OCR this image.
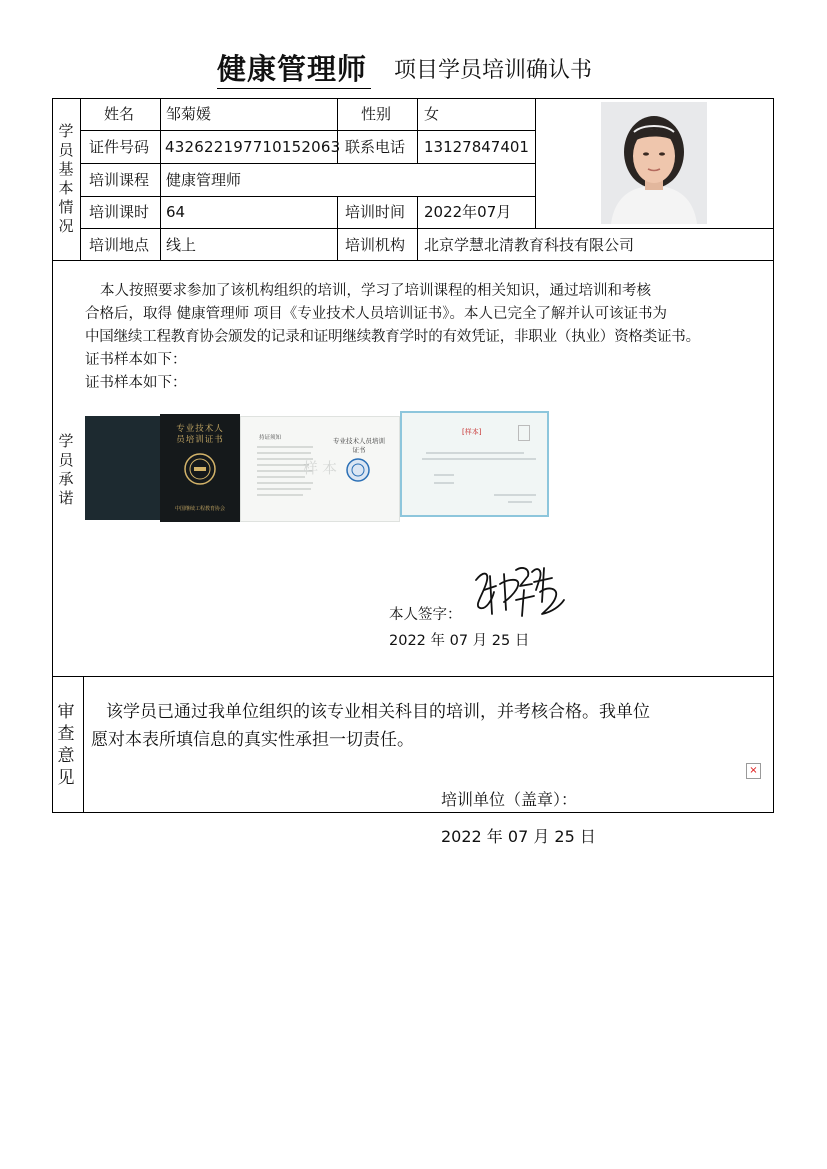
健康管理师 项目学员培训确认书
学员基本情况
学员承诺
审查意见
姓名 邹菊媛	性别 女
证件号码 432622197710152063 联系电话 13127847401
培训课程 健康管理师
培训课时 64	培训时间 2022年07月
培训地点 线上	培训机构 北京学慧北清教育科技有限公司
本人按照要求参加了该机构组织的培训，学习了培训课程的相关知识，通过培训和考核
合格后，取得 健康管理师 项目《专业技术人员培训证书》。本人已完全了解并认可该证书为
中国继续工程教育协会颁发的记录和证明继续教育学时的有效凭证，非职业（执业）资格类证书。
证书样本如下：
证书样本如下：
专业技术人员培训证书
中国继续工程教育协会
持证须知	专业技术人员培训证书
样本
[样本]
本人签字：
2022 年 07 月 25 日
该学员已通过我单位组织的该专业相关科目的培训，并考核合格。我单位
愿对本表所填信息的真实性承担一切责任。
×
培训单位（盖章）：
2022 年 07 月 25 日
